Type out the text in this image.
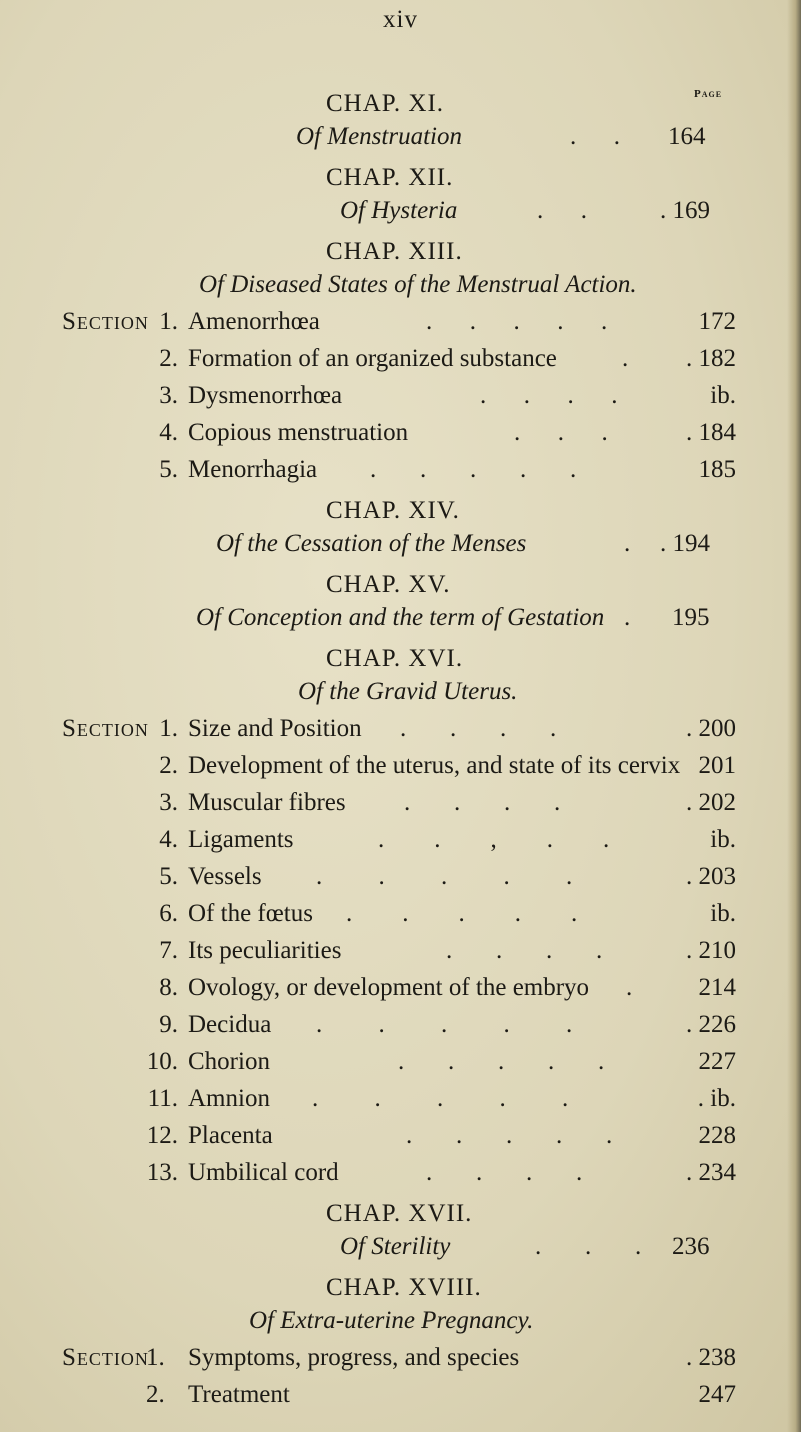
xiv
Page
CHAP. XI.
Of Menstruation	.      . 164
CHAP. XII.
Of Hysteria	.      .	. 169
CHAP. XIII.
Of Diseased States of the Menstrual Action.
Section 1. Amenorrhœa	.      .      .      .      .	172
2. Formation of an organized substance	.	. 182
3. Dysmenorrhœa	.      .      .      .	ib.
4. Copious menstruation	.      .      .	. 184
5. Menorrhagia .       .       .       .       .	185
CHAP. XIV.
Of the Cessation of the Menses	. . 194
CHAP. XV.
Of Conception and the term of Gestation . 195
CHAP. XVI.
Of the Gravid Uterus.
Section 1. Size and Position .       .       .       .	. 200
2. Development of the uterus, and state of its cervix 201
3. Muscular fibres .       .       .       .	. 202
4. Ligaments	.        .        ,        .        .	ib.
5. Vessels .         .         .         .         .	. 203
6. Of the fœtus .        .        .        .        .	ib.
7. Its peculiarities	.       .       .       .	. 210
8. Ovology, or development of the embryo .	214
9. Decidua .         .         .         .         .	. 226
10. Chorion	.       .       .       .       .	227
11. Amnion .         .         .         .         .	. ib.
12. Placenta	.       .       .       .       .	228
13. Umbilical cord	.       .       .       .	. 234
CHAP. XVII.
Of Sterility	.       .       . 236
CHAP. XVIII.
Of Extra-uterine Pregnancy.
Section
1. Symptoms, progress, and species	. 238
2. Treatment	247
